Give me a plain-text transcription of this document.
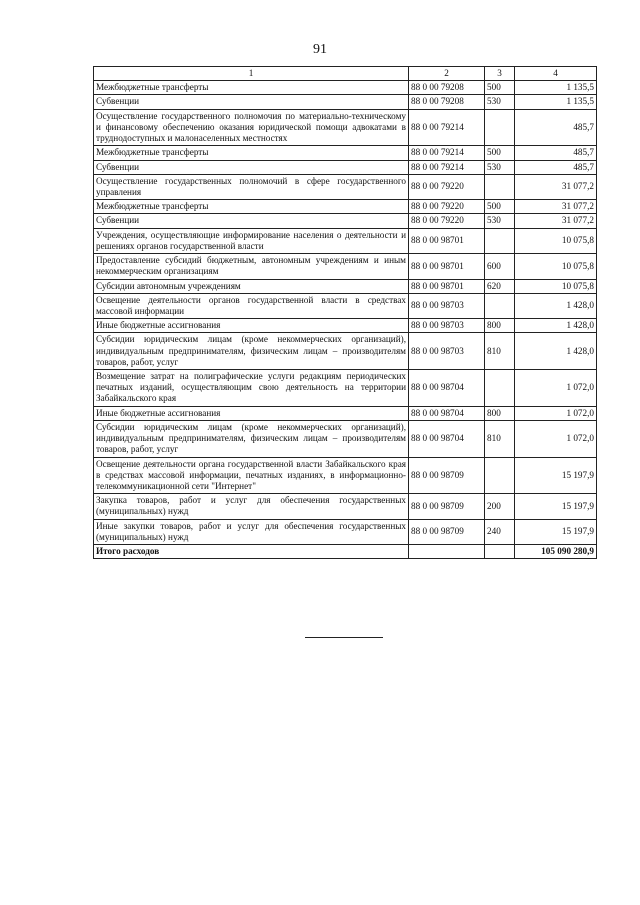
91
1	2	3	4
Межбюджетные трансферты	88 0 00 79208	500	1 135,5
Субвенции	88 0 00 79208	530	1 135,5
Осуществление государственного полномочия по материально-техническому и финансовому обеспечению оказания юридической помощи адвокатами в труднодоступных и малонаселенных местностях	88 0 00 79214		485,7
Межбюджетные трансферты	88 0 00 79214	500	485,7
Субвенции	88 0 00 79214	530	485,7
Осуществление государственных полномочий в сфере государственного управления	88 0 00 79220		31 077,2
Межбюджетные трансферты	88 0 00 79220	500	31 077,2
Субвенции	88 0 00 79220	530	31 077,2
Учреждения, осуществляющие информирование населения о деятельности и решениях органов государственной власти	88 0 00 98701		10 075,8
Предоставление субсидий бюджетным, автономным учреждениям и иным некоммерческим организациям	88 0 00 98701	600	10 075,8
Субсидии автономным учреждениям	88 0 00 98701	620	10 075,8
Освещение деятельности органов государственной власти в средствах массовой информации	88 0 00 98703		1 428,0
Иные бюджетные ассигнования	88 0 00 98703	800	1 428,0
Субсидии юридическим лицам (кроме некоммерческих организаций), индивидуальным предпринимателям, физическим лицам – производителям товаров, работ, услуг	88 0 00 98703	810	1 428,0
Возмещение затрат на полиграфические услуги редакциям периодических печатных изданий, осуществляющим свою деятельность на территории Забайкальского края	88 0 00 98704		1 072,0
Иные бюджетные ассигнования	88 0 00 98704	800	1 072,0
Субсидии юридическим лицам (кроме некоммерческих организаций), индивидуальным предпринимателям, физическим лицам – производителям товаров, работ, услуг	88 0 00 98704	810	1 072,0
Освещение деятельности органа государственной власти Забайкальского края в средствах массовой информации, печатных изданиях, в информационно-телекоммуникационной сети "Интернет"	88 0 00 98709		15 197,9
Закупка товаров, работ и услуг для обеспечения государственных (муниципальных) нужд	88 0 00 98709	200	15 197,9
Иные закупки товаров, работ и услуг для обеспечения государственных (муниципальных) нужд	88 0 00 98709	240	15 197,9
Итого расходов			105 090 280,9
